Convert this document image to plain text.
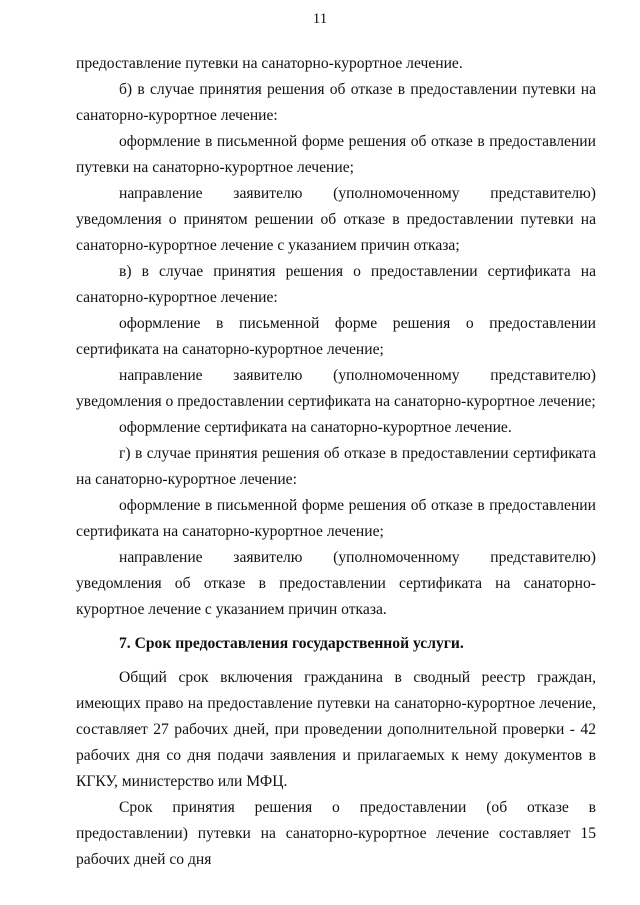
11

предоставление путевки на санаторно-курортное лечение.

б) в случае принятия решения об отказе в предоставлении путевки на санаторно-курортное лечение:

оформление в письменной форме решения об отказе в предоставлении путевки на санаторно-курортное лечение;

направление заявителю (уполномоченному представителю) уведомления о принятом решении об отказе в предоставлении путевки на санаторно-курортное лечение с указанием причин отказа;

в) в случае принятия решения о предоставлении сертификата на санаторно-курортное лечение:

оформление в письменной форме решения о предоставлении сертификата на санаторно-курортное лечение;

направление заявителю (уполномоченному представителю) уведомления о предоставлении сертификата на санаторно-курортное лечение;

оформление сертификата на санаторно-курортное лечение.

г) в случае принятия решения об отказе в предоставлении сертификата на санаторно-курортное лечение:

оформление в письменной форме решения об отказе в предоставлении сертификата на санаторно-курортное лечение;

направление заявителю (уполномоченному представителю) уведомления об отказе в предоставлении сертификата на санаторно-курортное лечение с указанием причин отказа.

7. Срок предоставления государственной услуги.

Общий срок включения гражданина в сводный реестр граждан, имеющих право на предоставление путевки на санаторно-курортное лечение, составляет 27 рабочих дней, при проведении дополнительной проверки - 42 рабочих дня со дня подачи заявления и прилагаемых к нему документов в КГКУ, министерство или МФЦ.

Срок принятия решения о предоставлении (об отказе в предоставлении) путевки на санаторно-курортное лечение составляет 15 рабочих дней со дня
